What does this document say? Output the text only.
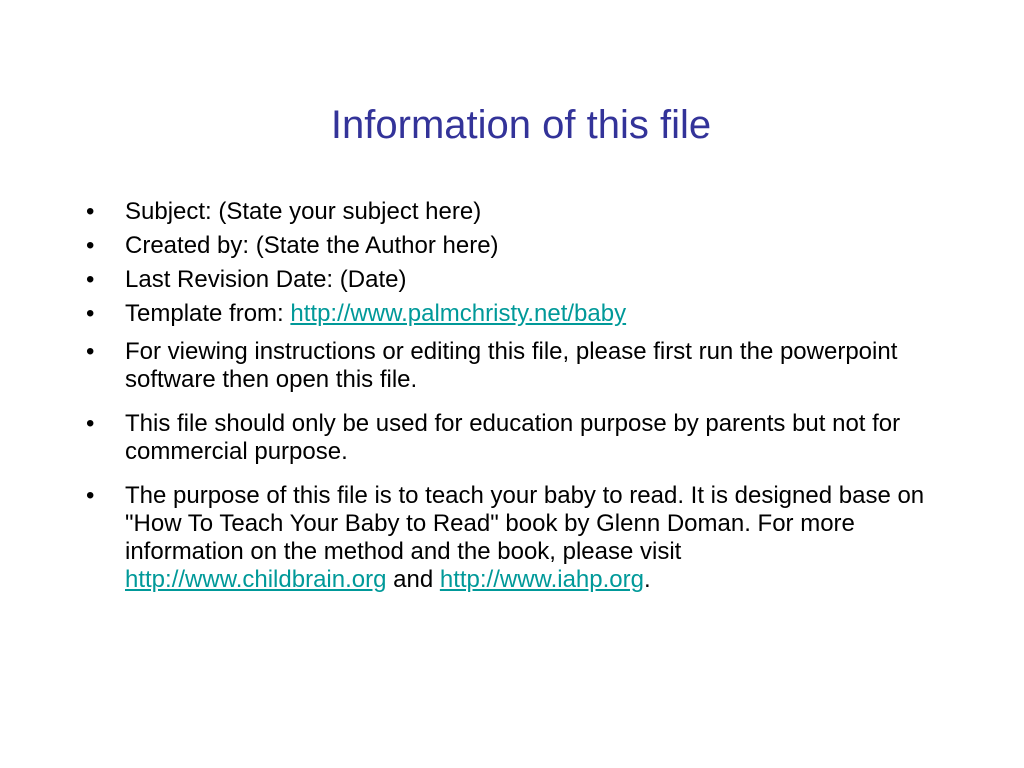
Information of this file
• Subject: (State your subject here)
• Created by: (State the Author here)
• Last Revision Date: (Date)
• Template from: http://www.palmchristy.net/baby
• For viewing instructions or editing this file, please first run the powerpoint software then open this file.
• This file should only be used for education purpose by parents but not for commercial purpose.
• The purpose of this file is to teach your baby to read. It is designed base on "How To Teach Your Baby to Read" book by Glenn Doman. For more information on the method and the book, please visit http://www.childbrain.org and http://www.iahp.org.
